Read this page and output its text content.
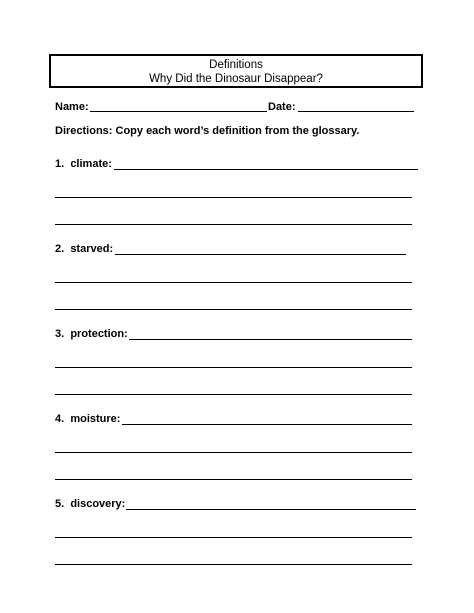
Definitions
Why Did the Dinosaur Disappear?
Name:	Date:
Directions: Copy each word’s definition from the glossary.
1. climate:
2. starved:
3. protection:
4. moisture:
5. discovery:
